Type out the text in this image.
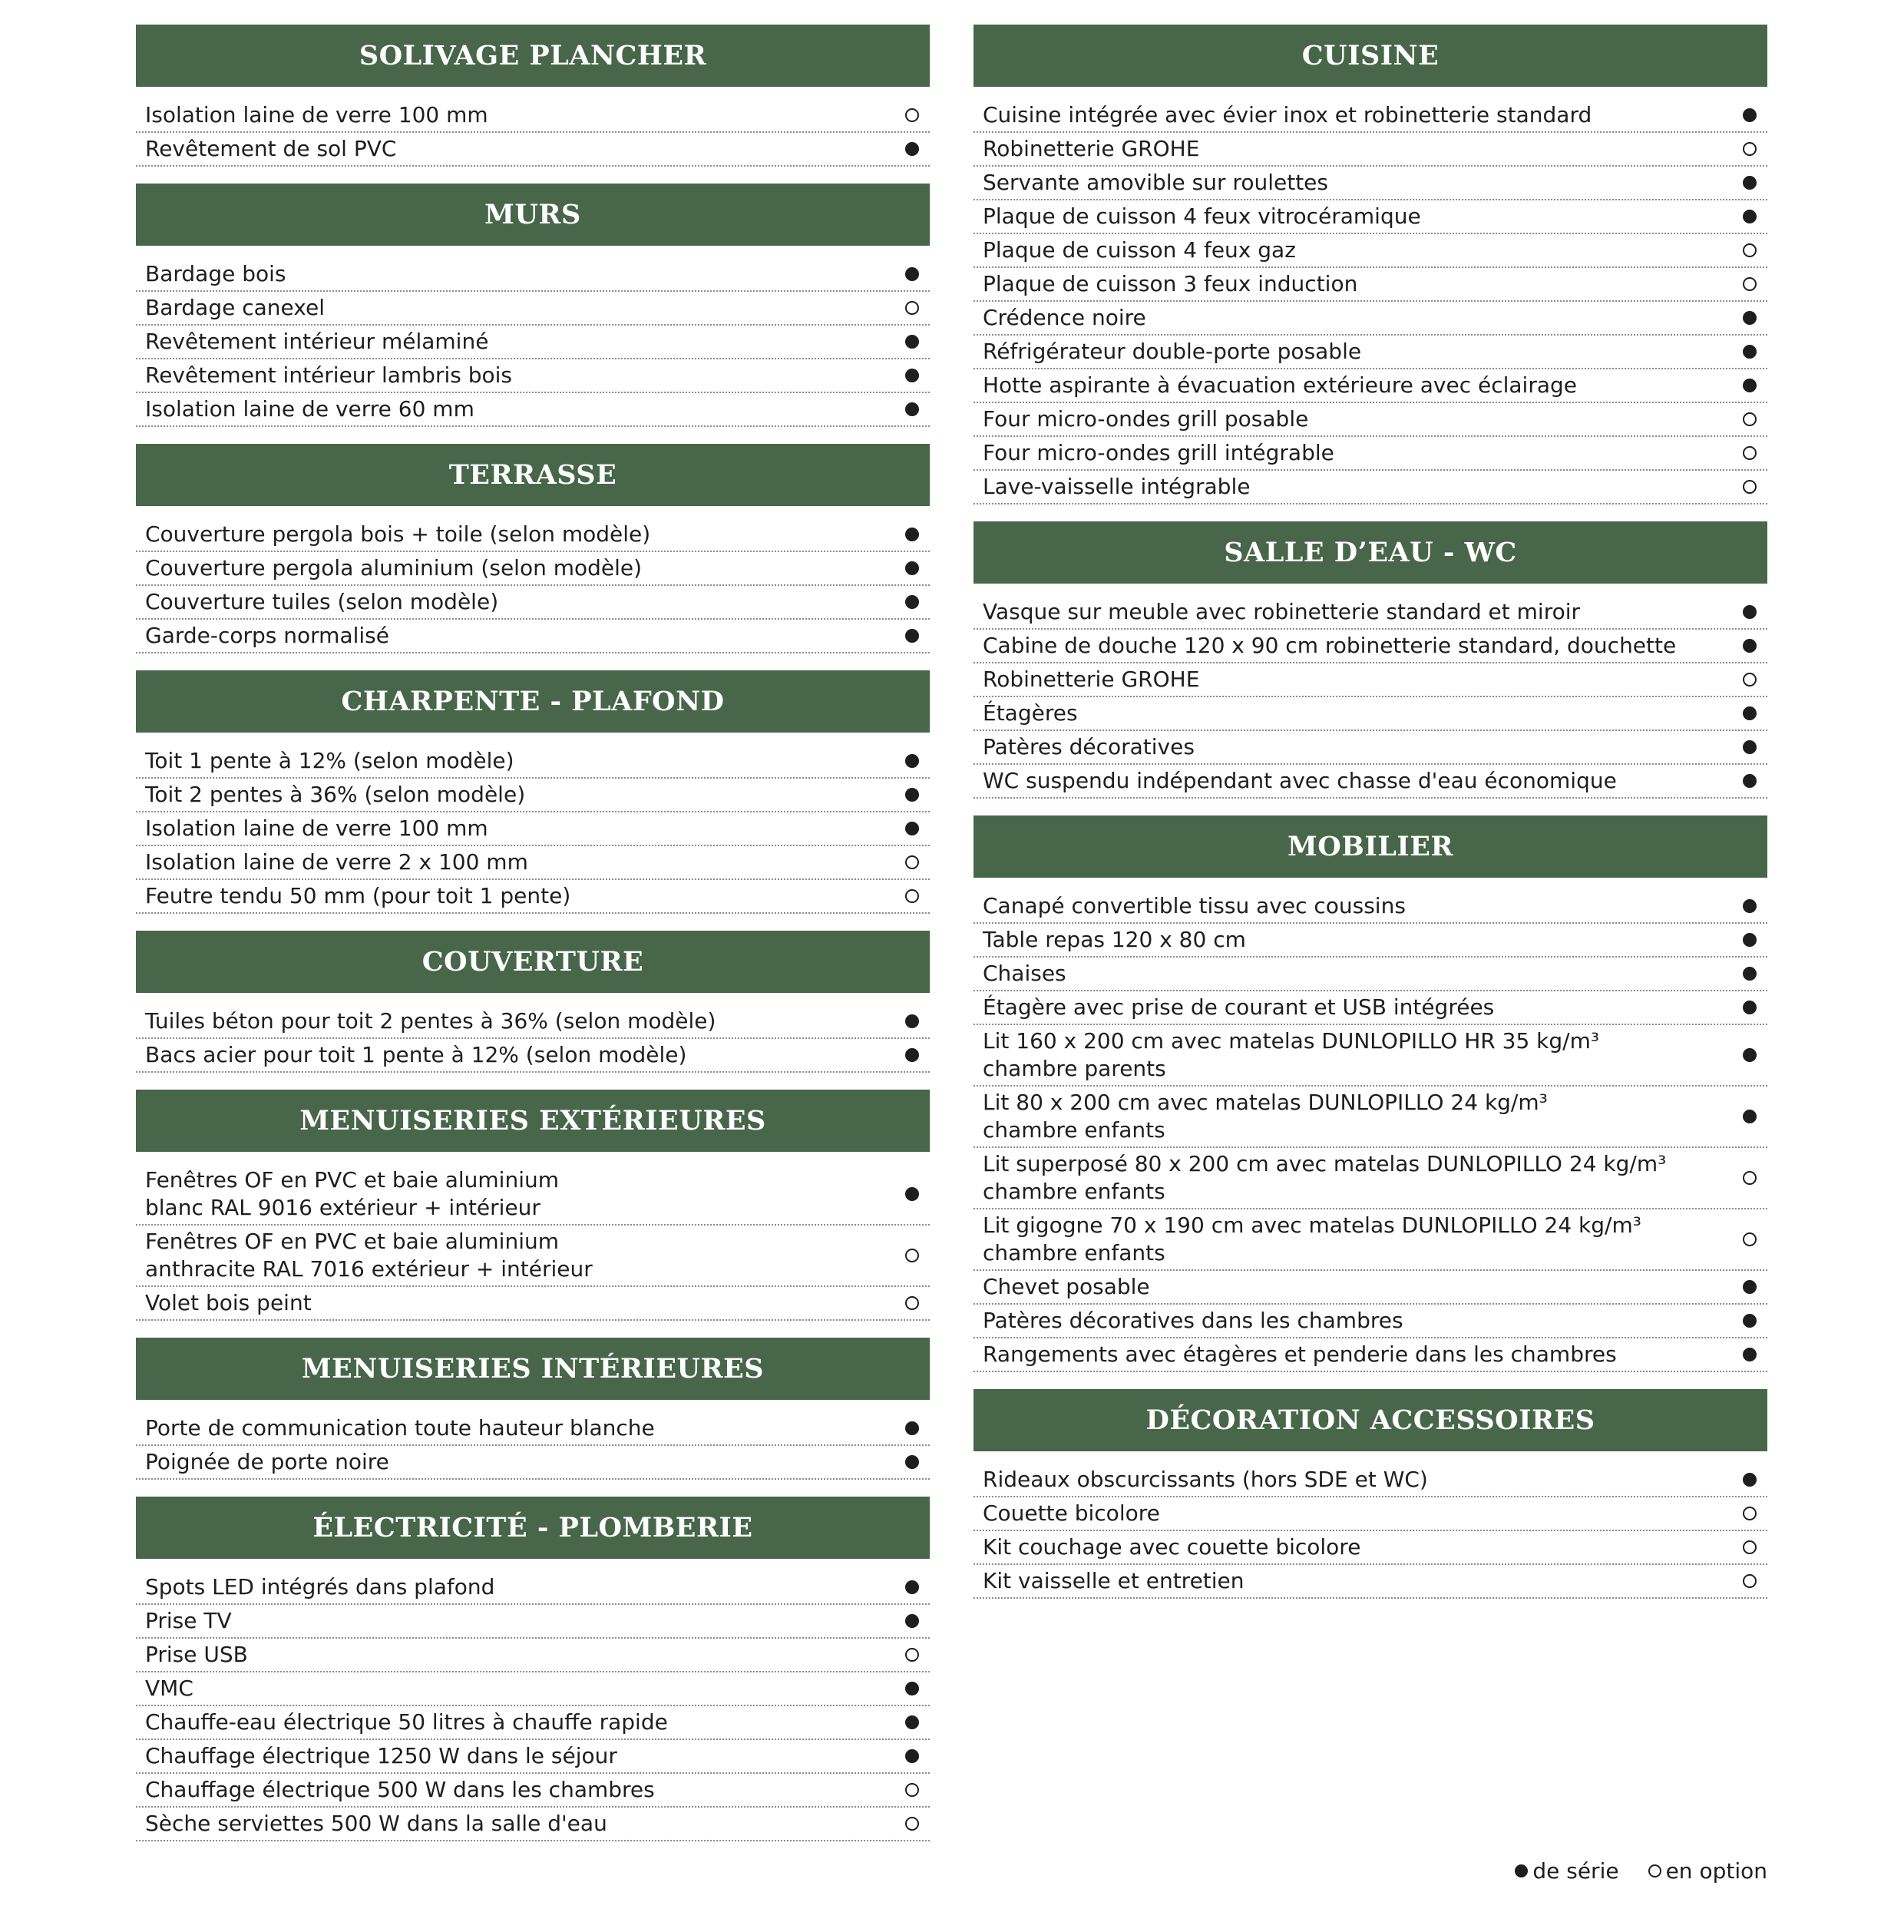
SOLIVAGE PLANCHER
Isolation laine de verre 100 mm
Revêtement de sol PVC
MURS
Bardage bois
Bardage canexel
Revêtement intérieur mélaminé
Revêtement intérieur lambris bois
Isolation laine de verre 60 mm
TERRASSE
Couverture pergola bois + toile (selon modèle)
Couverture pergola aluminium (selon modèle)
Couverture tuiles (selon modèle)
Garde-corps normalisé
CHARPENTE - PLAFOND
Toit 1 pente à 12% (selon modèle)
Toit 2 pentes à 36% (selon modèle)
Isolation laine de verre 100 mm
Isolation laine de verre 2 x 100 mm
Feutre tendu 50 mm (pour toit 1 pente)
COUVERTURE
Tuiles béton pour toit 2 pentes à 36% (selon modèle)
Bacs acier pour toit 1 pente à 12% (selon modèle)
MENUISERIES EXTÉRIEURES
Fenêtres OF en PVC et baie aluminium
blanc RAL 9016 extérieur + intérieur
Fenêtres OF en PVC et baie aluminium
anthracite RAL 7016 extérieur + intérieur
Volet bois peint
MENUISERIES INTÉRIEURES
Porte de communication toute hauteur blanche
Poignée de porte noire
ÉLECTRICITÉ - PLOMBERIE
Spots LED intégrés dans plafond
Prise TV
Prise USB
VMC
Chauffe-eau électrique 50 litres à chauffe rapide
Chauffage électrique 1250 W dans le séjour
Chauffage électrique 500 W dans les chambres
Sèche serviettes 500 W dans la salle d'eau
CUISINE
Cuisine intégrée avec évier inox et robinetterie standard
Robinetterie GROHE
Servante amovible sur roulettes
Plaque de cuisson 4 feux vitrocéramique
Plaque de cuisson 4 feux gaz
Plaque de cuisson 3 feux induction
Crédence noire
Réfrigérateur double-porte posable
Hotte aspirante à évacuation extérieure avec éclairage
Four micro-ondes grill posable
Four micro-ondes grill intégrable
Lave-vaisselle intégrable
SALLE D’EAU - WC
Vasque sur meuble avec robinetterie standard et miroir
Cabine de douche 120 x 90 cm robinetterie standard, douchette
Robinetterie GROHE
Étagères
Patères décoratives
WC suspendu indépendant avec chasse d'eau économique
MOBILIER
Canapé convertible tissu avec coussins
Table repas 120 x 80 cm
Chaises
Étagère avec prise de courant et USB intégrées
Lit 160 x 200 cm avec matelas DUNLOPILLO HR 35 kg/m³
chambre parents
Lit 80 x 200 cm avec matelas DUNLOPILLO 24 kg/m³
chambre enfants
Lit superposé 80 x 200 cm avec matelas DUNLOPILLO 24 kg/m³
chambre enfants
Lit gigogne 70 x 190 cm avec matelas DUNLOPILLO 24 kg/m³
chambre enfants
Chevet posable
Patères décoratives dans les chambres
Rangements avec étagères et penderie dans les chambres
DÉCORATION ACCESSOIRES
Rideaux obscurcissants (hors SDE et WC)
Couette bicolore
Kit couchage avec couette bicolore
Kit vaisselle et entretien
de série en option
